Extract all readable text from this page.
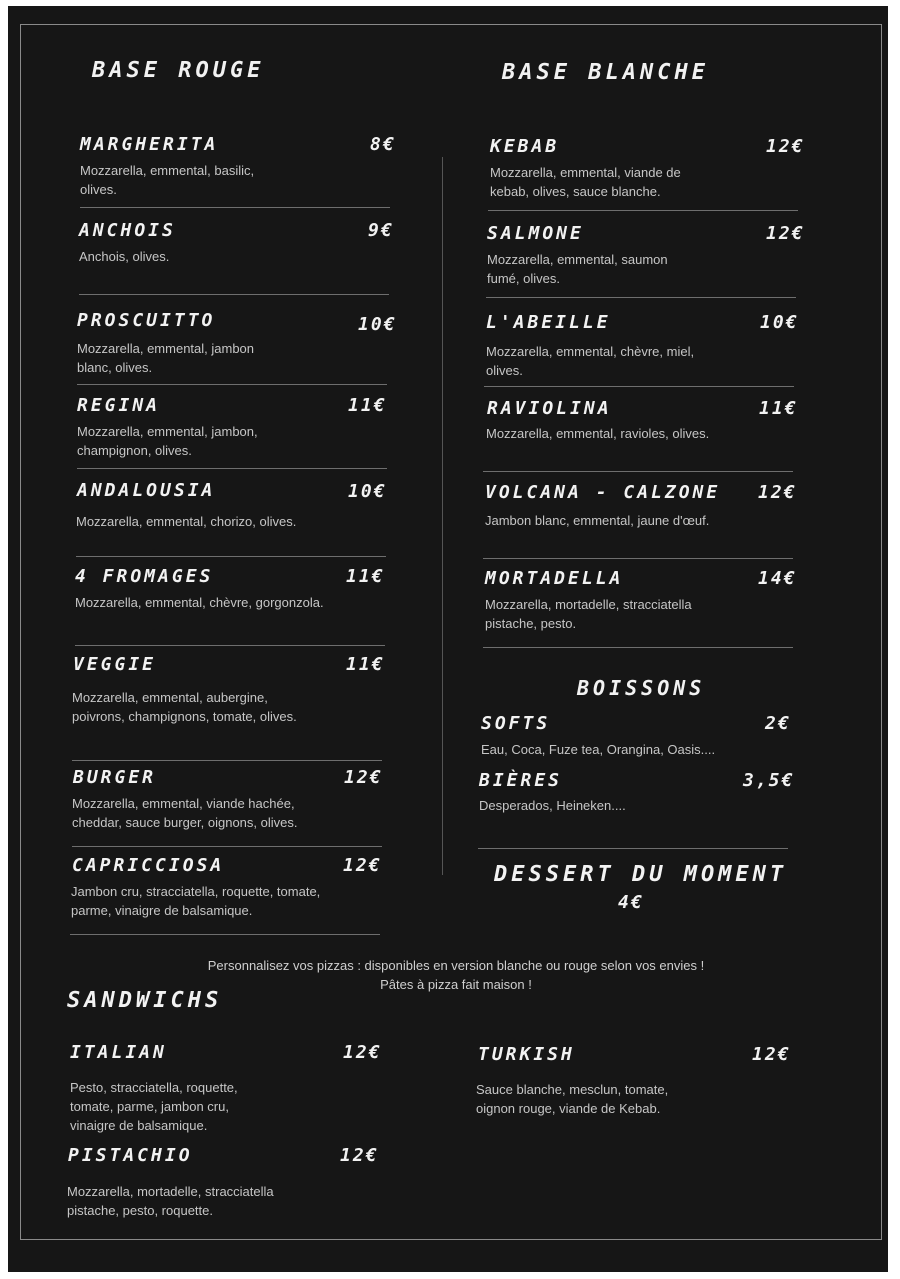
BASE ROUGE	BASE BLANCHE
MARGHERITA	8€
Mozzarella, emmental, basilic, olives.
ANCHOIS	9€
Anchois, olives.
PROSCUITTO	10€
Mozzarella, emmental, jambon blanc, olives.
REGINA	11€
Mozzarella, emmental, jambon, champignon, olives.
ANDALOUSIA	10€
Mozzarella, emmental, chorizo, olives.
4 FROMAGES	11€
Mozzarella, emmental, chèvre, gorgonzola.
VEGGIE	11€
Mozzarella, emmental, aubergine, poivrons, champignons, tomate, olives.
BURGER	12€
Mozzarella, emmental, viande hachée, cheddar, sauce burger, oignons, olives.
CAPRICCIOSA	12€
Jambon cru, stracciatella, roquette, tomate, parme, vinaigre de balsamique.
KEBAB	12€
Mozzarella, emmental, viande de kebab, olives, sauce blanche.
SALMONE	12€
Mozzarella, emmental, saumon fumé, olives.
L'ABEILLE	10€
Mozzarella, emmental, chèvre, miel, olives.
RAVIOLINA	11€
Mozzarella, emmental, ravioles, olives.
VOLCANA - CALZONE 12€
Jambon blanc, emmental, jaune d'œuf.
MORTADELLA	14€
Mozzarella, mortadelle, stracciatella pistache, pesto.
BOISSONS
SOFTS	2€
Eau, Coca, Fuze tea, Orangina, Oasis....
BIÈRES	3,5€
Desperados, Heineken....
DESSERT DU MOMENT
4€
Personnalisez vos pizzas : disponibles en version blanche ou rouge selon vos envies !
Pâtes à pizza fait maison !
SANDWICHS
ITALIAN	12€
Pesto, stracciatella, roquette, tomate, parme, jambon cru, vinaigre de balsamique.
TURKISH	12€
Sauce blanche, mesclun, tomate, oignon rouge, viande de Kebab.
PISTACHIO	12€
Mozzarella, mortadelle, stracciatella pistache, pesto, roquette.
